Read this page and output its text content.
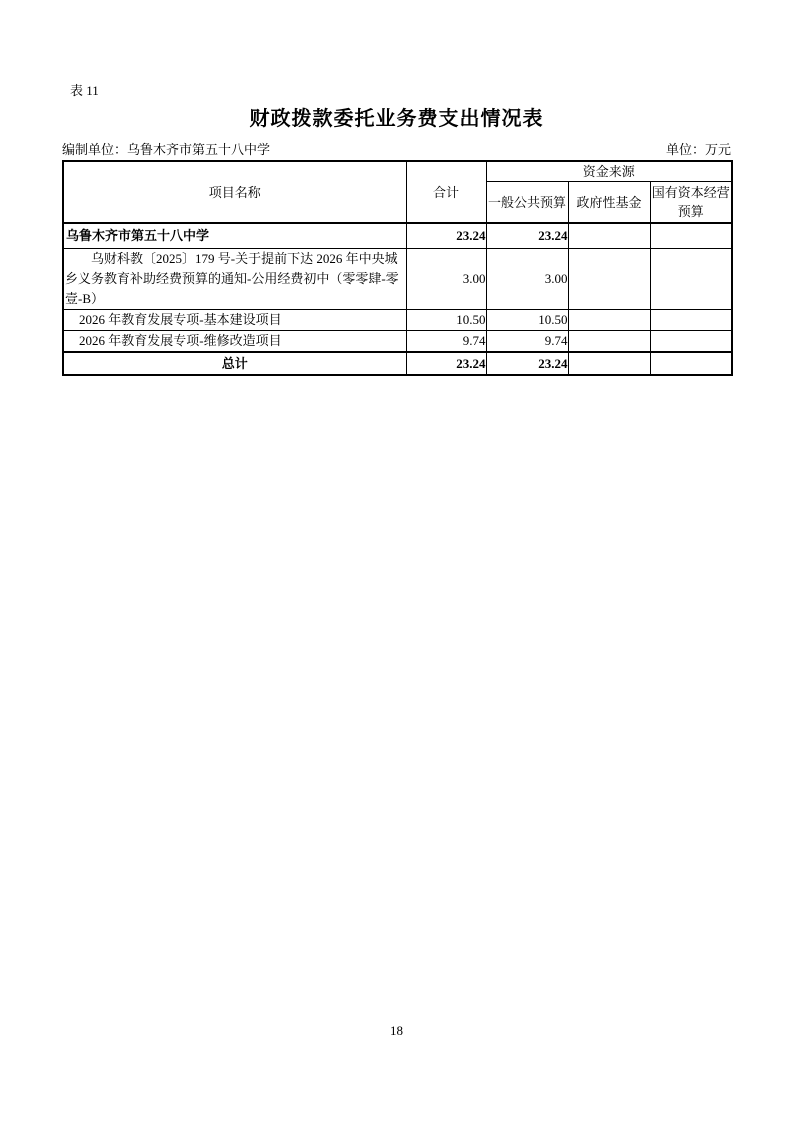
表 11
财政拨款委托业务费支出情况表
编制单位：乌鲁木齐市第五十八中学	单位：万元
项目名称	合计	资金来源		
		一般公共预算	政府性基金	国有资本经营预算
乌鲁木齐市第五十八中学	23.24	23.24		
乌财科教〔2025〕179 号-关于提前下达 2026 年中央城乡义务教育补助经费预算的通知-公用经费初中（零零肆-零壹-B）	3.00	3.00		
2026 年教育发展专项-基本建设项目	10.50	10.50		
2026 年教育发展专项-维修改造项目	9.74	9.74		
总计	23.24	23.24		
18
